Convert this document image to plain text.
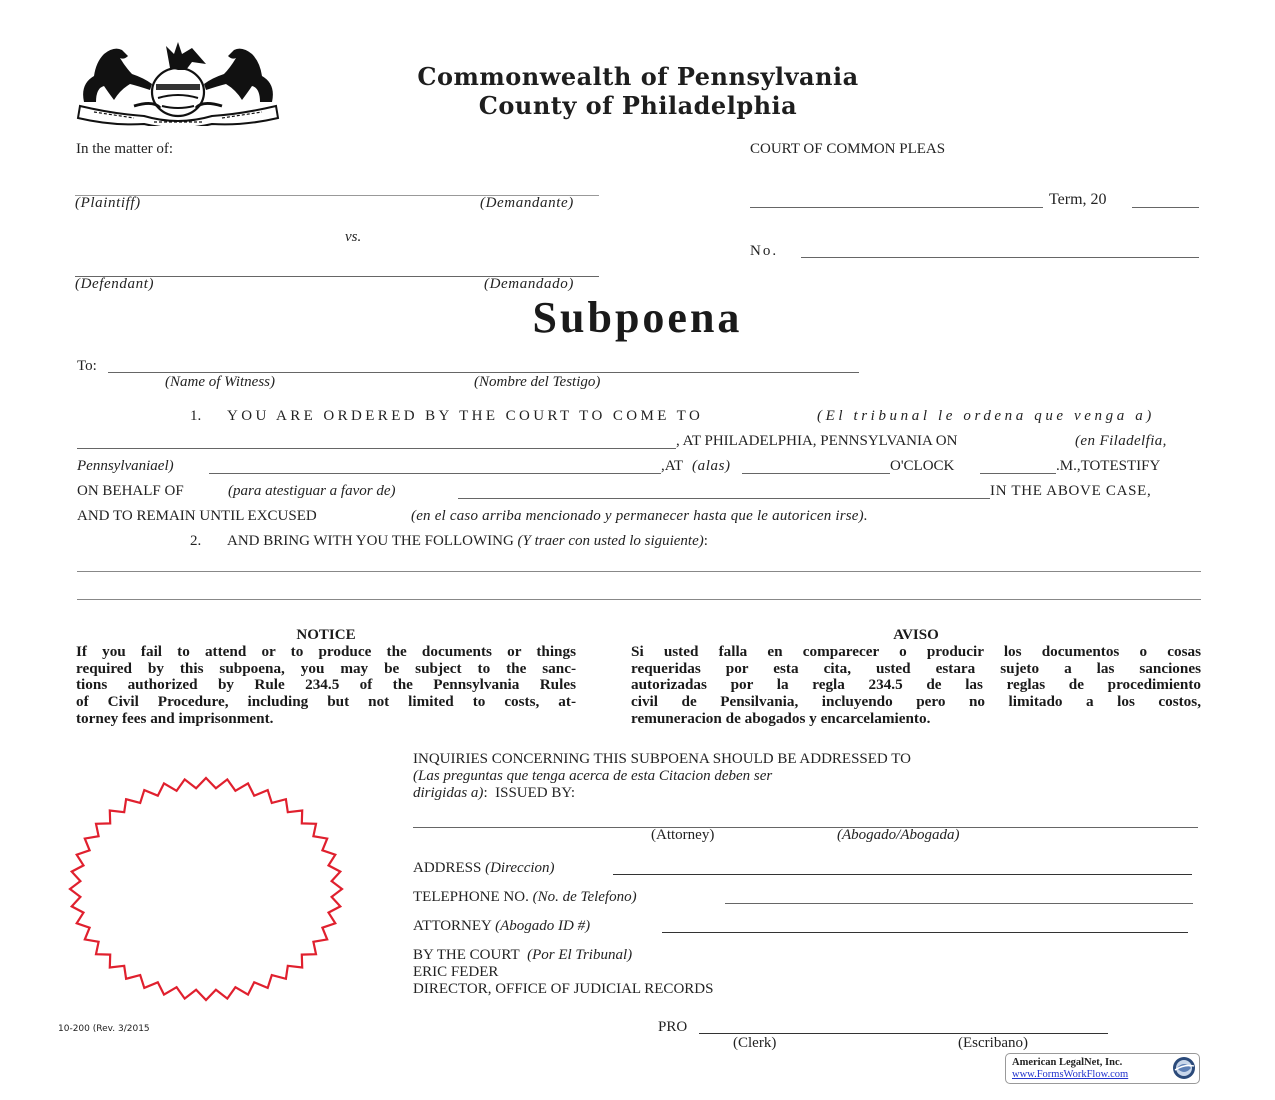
Commonwealth of Pennsylvania
County of Philadelphia
In the matter of:
(Plaintiff)	(Demandante)
vs.
(Defendant)	(Demandado)
COURT OF COMMON PLEAS
Term, 20
No.
Subpoena
To:
(Name of Witness)	(Nombre del Testigo)
1. YOU ARE ORDERED BY THE COURT TO COME TO	(El tribunal le ordena que venga a)
, AT PHILADELPHIA, PENNSYLVANIA ON	(en Filadelfia,
Pennsylvaniael)	,AT (alas)	O'CLOCK	.M.,TOTESTIFY
ON BEHALF OF	(para atestiguar a favor de)	IN THE ABOVE CASE,
AND TO REMAIN UNTIL EXCUSED	(en el caso arriba mencionado y permanecer hasta que le autoricen irse).
2. AND BRING WITH YOU THE FOLLOWING (Y traer con usted lo siguiente):
NOTICE

If you fail to attend or to produce the documents or things

required by this subpoena, you may be subject to the sanc-

tions authorized by Rule 234.5 of the Pennsylvania Rules

of Civil Procedure, including but not limited to costs, at-

torney fees and imprisonment.

AVISO

Si usted falla en comparecer o producir los documentos o cosas

requeridas por esta cita, usted estara sujeto a las sanciones

autorizadas por la regla 234.5 de las reglas de procedimiento

civil de Pensilvania, incluyendo pero no limitado a los costos,

remuneracion de abogados y encarcelamiento.

INQUIRIES CONCERNING THIS SUBPOENA SHOULD BE ADDRESSED TO
(Las preguntas que tenga acerca de esta Citacion deben ser
dirigidas a):  ISSUED BY:
(Attorney)	(Abogado/Abogada)
ADDRESS (Direccion)
TELEPHONE NO. (No. de Telefono)
ATTORNEY (Abogado ID #)
BY THE COURT (Por El Tribunal)
ERIC FEDER
DIRECTOR, OFFICE OF JUDICIAL RECORDS
PRO
(Clerk)	(Escribano)
10-200 (Rev. 3/2015
American LegalNet, Inc.
www.FormsWorkFlow.com
